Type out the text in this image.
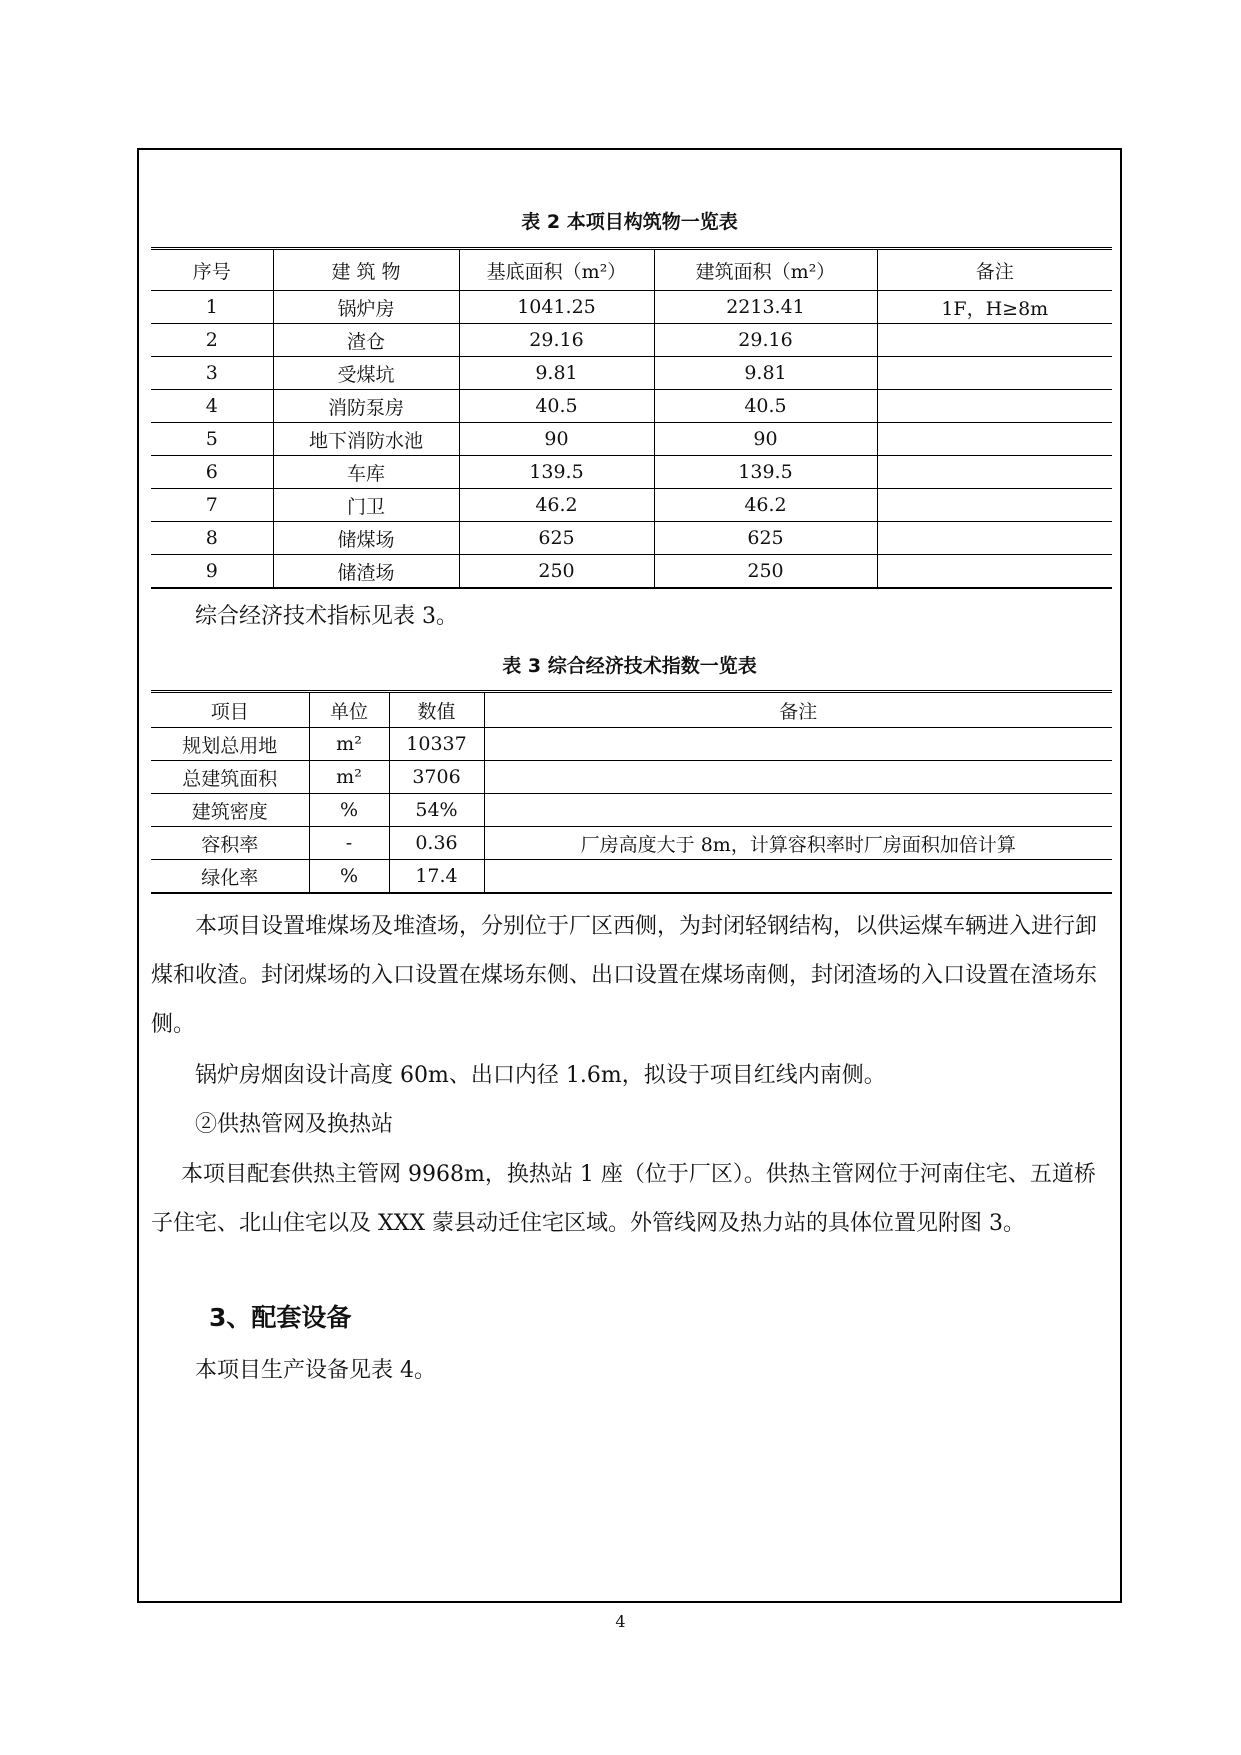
表 2 本项目构筑物一览表
序号	建 筑 物	基底面积（m²）	建筑面积（m²）	备注
1	锅炉房	1041.25	2213.41	1F，H≥8m
2	渣仓	29.16	29.16	
3	受煤坑	9.81	9.81	
4	消防泵房	40.5	40.5	
5	地下消防水池	90	90	
6	车库	139.5	139.5	
7	门卫	46.2	46.2	
8	储煤场	625	625	
9	储渣场	250	250	

综合经济技术指标见表 3。

表 3 综合经济技术指数一览表
项目	单位	数值	备注
规划总用地	m²	10337	
总建筑面积	m²	3706	
建筑密度	%	54%	
容积率	-	0.36	厂房高度大于 8m，计算容积率时厂房面积加倍计算
绿化率	%	17.4	

本项目设置堆煤场及堆渣场，分别位于厂区西侧，为封闭轻钢结构，以供运煤车辆进入进行卸煤和收渣。封闭煤场的入口设置在煤场东侧、出口设置在煤场南侧，封闭渣场的入口设置在渣场东侧。

锅炉房烟囱设计高度 60m、出口内径 1.6m，拟设于项目红线内南侧。

②供热管网及换热站

本项目配套供热主管网 9968m，换热站 1 座（位于厂区）。供热主管网位于河南住宅、五道桥子住宅、北山住宅以及 XXX 蒙县动迁住宅区域。外管线网及热力站的具体位置见附图 3。

3、配套设备

本项目生产设备见表 4。

4
